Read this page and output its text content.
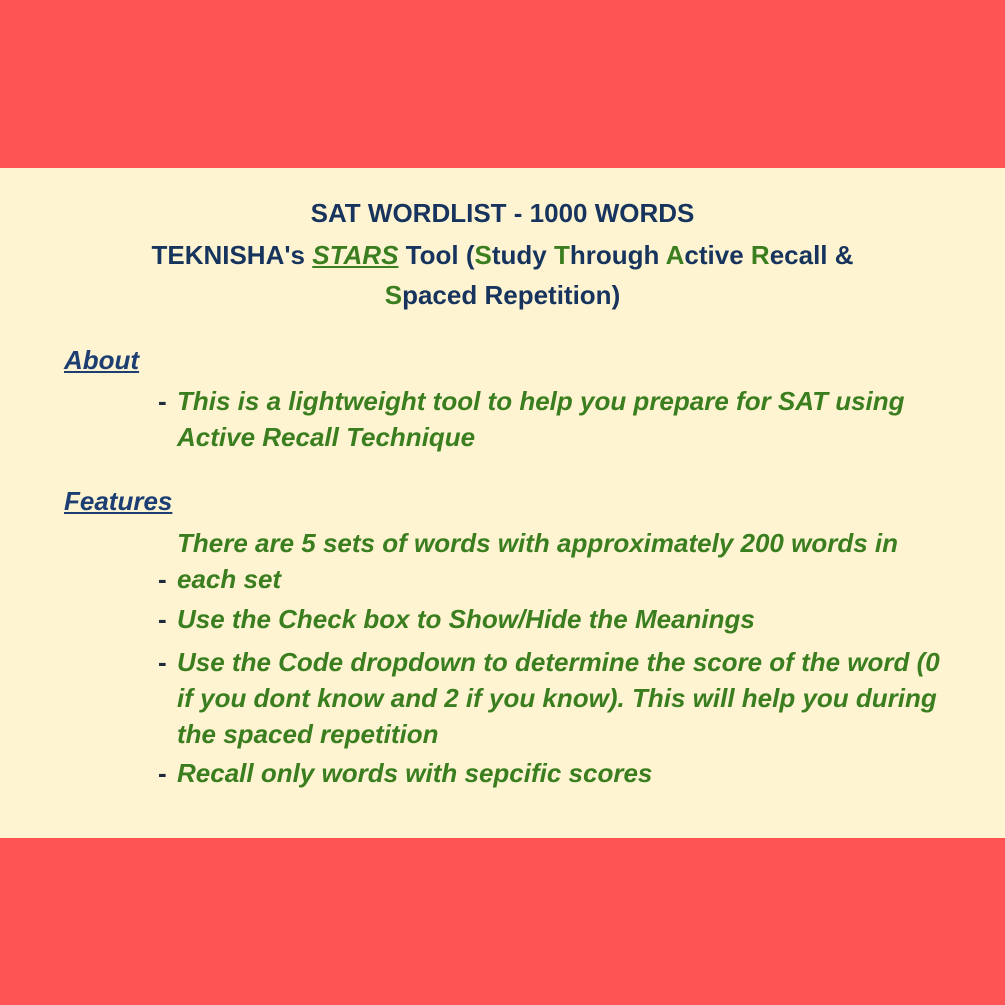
SAT WORDLIST - 1000 WORDS
TEKNISHA's STARS Tool (Study Through Active Recall &
Spaced Repetition)
About
- This is a lightweight tool to help you prepare for SAT using Active Recall Technique
Features
-
There are 5 sets of words with approximately 200 words in each set
- Use the Check box to Show/Hide the Meanings
- Use the Code dropdown to determine the score of the word (0 if you dont know and 2 if you know). This will help you during the spaced repetition
- Recall only words with sepcific scores
